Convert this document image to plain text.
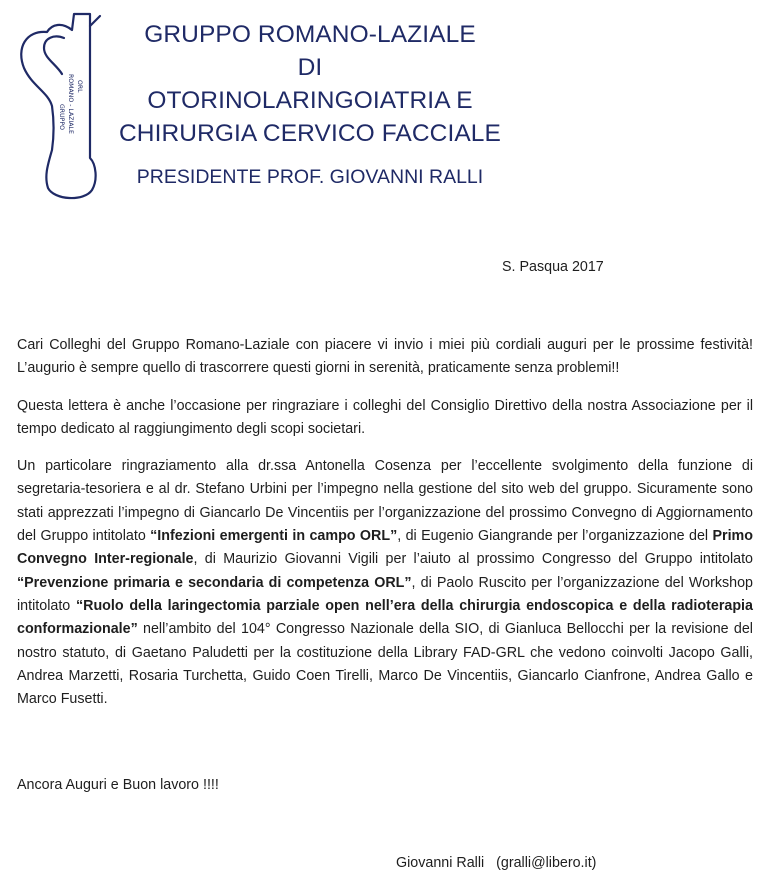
GRUPPO ROMANO - LAZIALE ORL
GRUPPO ROMANO-LAZIALE
DI
OTORINOLARINGOIATRIA E
CHIRURGIA CERVICO FACCIALE
PRESIDENTE PROF. GIOVANNI RALLI
S. Pasqua 2017

Cari Colleghi del Gruppo Romano-Laziale con piacere vi invio i miei più cordiali auguri per le prossime festività! L’augurio è sempre quello di trascorrere questi giorni in serenità, praticamente senza problemi!!

Questa lettera è anche l’occasione per ringraziare i colleghi del Consiglio Direttivo della nostra Associazione per il tempo dedicato al raggiungimento degli scopi societari.

Un particolare ringraziamento alla dr.ssa Antonella Cosenza per l’eccellente svolgimento della funzione di segretaria-tesoriera e al dr. Stefano Urbini per l’impegno nella gestione del sito web del gruppo. Sicuramente sono stati apprezzati l’impegno di Giancarlo De Vincentiis per l’organizzazione del prossimo Convegno di Aggiornamento del Gruppo intitolato “Infezioni emergenti in campo ORL”, di Eugenio Giangrande per l’organizzazione del Primo Convegno Inter-regionale, di Maurizio Giovanni Vigili per l’aiuto al prossimo Congresso del Gruppo intitolato “Prevenzione primaria e secondaria di competenza ORL”, di Paolo Ruscito per l’organizzazione del Workshop intitolato “Ruolo della laringectomia parziale open nell’era della chirurgia endoscopica e della radioterapia conformazionale” nell’ambito del 104° Congresso Nazionale della SIO, di Gianluca Bellocchi per la revisione del nostro statuto, di Gaetano Paludetti per la costituzione della Library FAD-GRL che vedono coinvolti Jacopo Galli, Andrea Marzetti, Rosaria Turchetta, Guido Coen Tirelli, Marco De Vincentiis, Giancarlo Cianfrone, Andrea Gallo e Marco Fusetti.

Ancora Auguri e Buon lavoro !!!!
Giovanni Ralli   (gralli@libero.it)
